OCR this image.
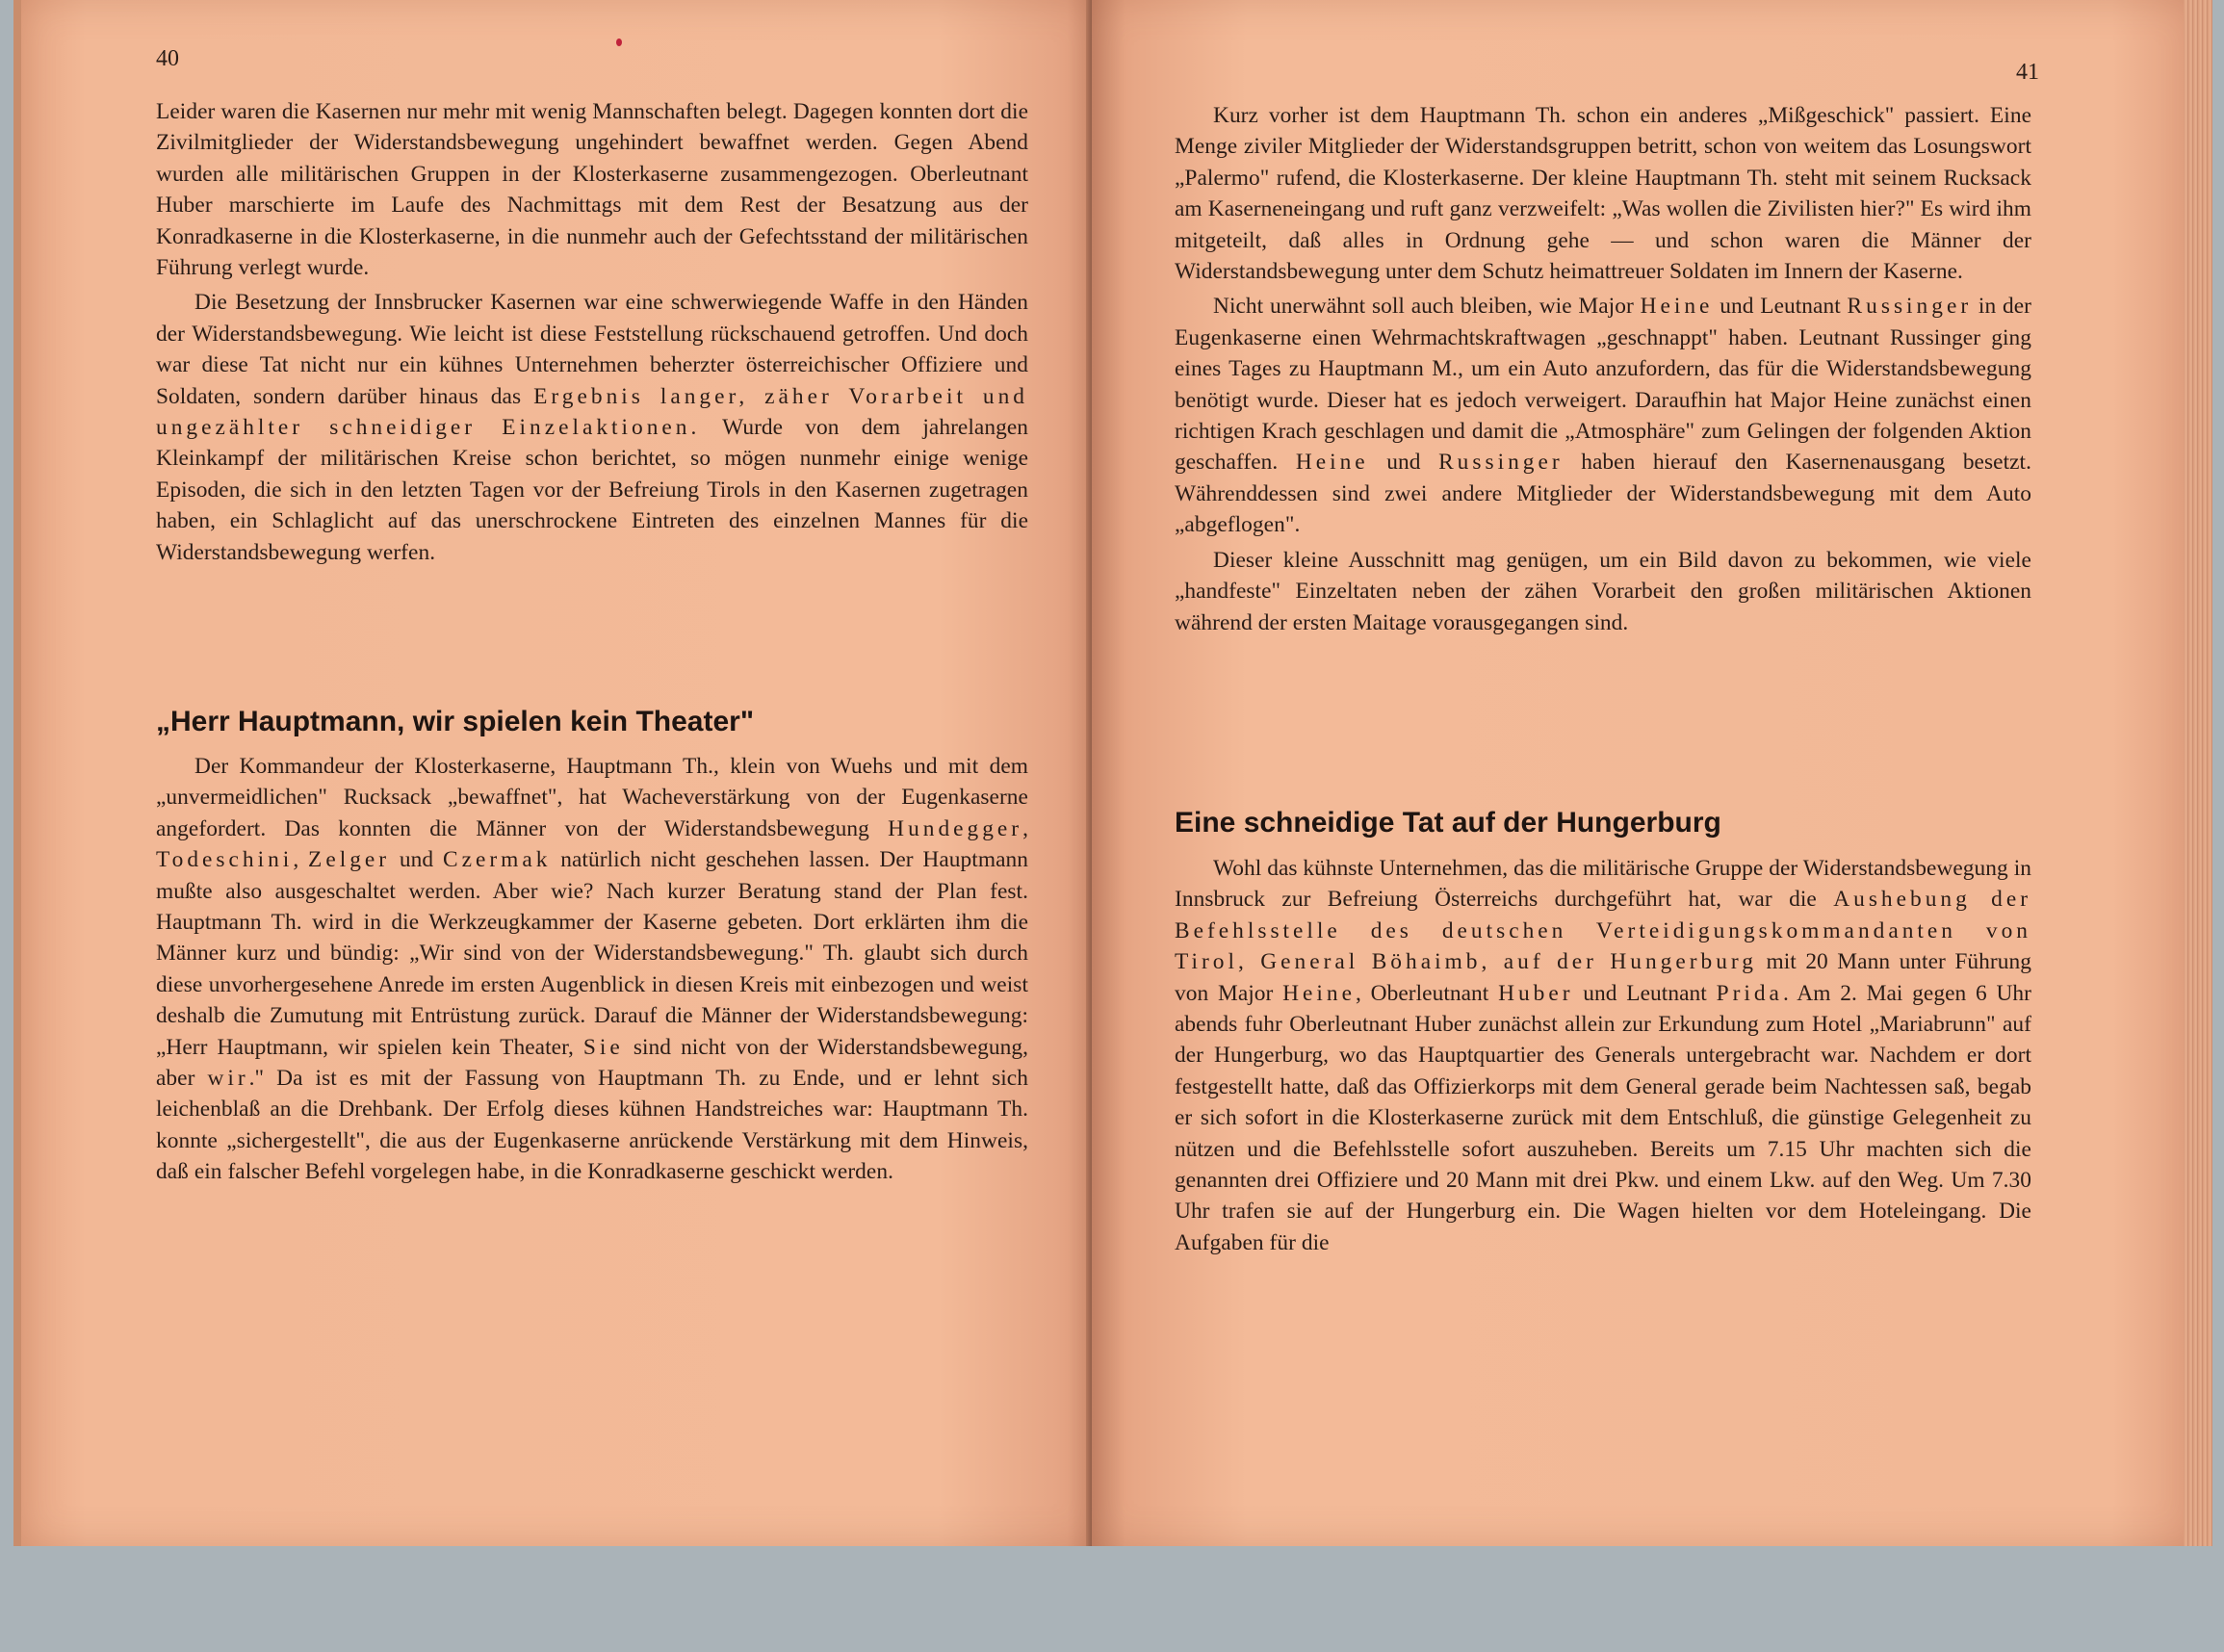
40

Leider waren die Kasernen nur mehr mit wenig Mannschaften belegt. Dagegen konnten dort die Zivilmitglieder der Widerstandsbewegung ungehindert bewaffnet werden. Gegen Abend wurden alle militärischen Gruppen in der Klosterkaserne zusammengezogen. Oberleutnant Huber marschierte im Laufe des Nachmittags mit dem Rest der Besatzung aus der Konradkaserne in die Klosterkaserne, in die nunmehr auch der Gefechtsstand der militärischen Führung verlegt wurde.

Die Besetzung der Innsbrucker Kasernen war eine schwerwiegende Waffe in den Händen der Widerstandsbewegung. Wie leicht ist diese Feststellung rückschauend getroffen. Und doch war diese Tat nicht nur ein kühnes Unternehmen beherzter österreichischer Offiziere und Soldaten, sondern darüber hinaus das Ergebnis langer, zäher Vorarbeit und ungezählter schneidiger Einzelaktionen. Wurde von dem jahrelangen Kleinkampf der militärischen Kreise schon berichtet, so mögen nunmehr einige wenige Episoden, die sich in den letzten Tagen vor der Befreiung Tirols in den Kasernen zugetragen haben, ein Schlaglicht auf das unerschrockene Eintreten des einzelnen Mannes für die Widerstandsbewegung werfen.

„Herr Hauptmann, wir spielen kein Theater"

Der Kommandeur der Klosterkaserne, Hauptmann Th., klein von Wuehs und mit dem „unvermeidlichen" Rucksack „bewaffnet", hat Wacheverstärkung von der Eugenkaserne angefordert. Das konnten die Männer von der Widerstandsbewegung Hundegger, Todeschini, Zelger und Czermak natürlich nicht geschehen lassen. Der Hauptmann mußte also ausgeschaltet werden. Aber wie? Nach kurzer Beratung stand der Plan fest. Hauptmann Th. wird in die Werkzeugkammer der Kaserne gebeten. Dort erklärten ihm die Männer kurz und bündig: „Wir sind von der Widerstandsbewegung." Th. glaubt sich durch diese unvorhergesehene Anrede im ersten Augenblick in diesen Kreis mit einbezogen und weist deshalb die Zumutung mit Entrüstung zurück. Darauf die Männer der Widerstandsbewegung: „Herr Hauptmann, wir spielen kein Theater, Sie sind nicht von der Widerstandsbewegung, aber wir." Da ist es mit der Fassung von Hauptmann Th. zu Ende, und er lehnt sich leichenblaß an die Drehbank. Der Erfolg dieses kühnen Handstreiches war: Hauptmann Th. konnte „sichergestellt", die aus der Eugenkaserne anrückende Verstärkung mit dem Hinweis, daß ein falscher Befehl vorgelegen habe, in die Konradkaserne geschickt werden.

41

Kurz vorher ist dem Hauptmann Th. schon ein anderes „Mißgeschick" passiert. Eine Menge ziviler Mitglieder der Widerstandsgruppen betritt, schon von weitem das Losungswort „Palermo" rufend, die Klosterkaserne. Der kleine Hauptmann Th. steht mit seinem Rucksack am Kaserneneingang und ruft ganz verzweifelt: „Was wollen die Zivilisten hier?" Es wird ihm mitgeteilt, daß alles in Ordnung gehe — und schon waren die Männer der Widerstandsbewegung unter dem Schutz heimattreuer Soldaten im Innern der Kaserne.

Nicht unerwähnt soll auch bleiben, wie Major Heine und Leutnant Russinger in der Eugenkaserne einen Wehrmachtskraftwagen „geschnappt" haben. Leutnant Russinger ging eines Tages zu Hauptmann M., um ein Auto anzufordern, das für die Widerstandsbewegung benötigt wurde. Dieser hat es jedoch verweigert. Daraufhin hat Major Heine zunächst einen richtigen Krach geschlagen und damit die „Atmosphäre" zum Gelingen der folgenden Aktion geschaffen. Heine und Russinger haben hierauf den Kasernenausgang besetzt. Währenddessen sind zwei andere Mitglieder der Widerstandsbewegung mit dem Auto „abgeflogen".

Dieser kleine Ausschnitt mag genügen, um ein Bild davon zu bekommen, wie viele „handfeste" Einzeltaten neben der zähen Vorarbeit den großen militärischen Aktionen während der ersten Maitage vorausgegangen sind.

Eine schneidige Tat auf der Hungerburg

Wohl das kühnste Unternehmen, das die militärische Gruppe der Widerstandsbewegung in Innsbruck zur Befreiung Österreichs durchgeführt hat, war die Aushebung der Befehlsstelle des deutschen Verteidigungskommandanten von Tirol, General Böhaimb, auf der Hungerburg mit 20 Mann unter Führung von Major Heine, Oberleutnant Huber und Leutnant Prida. Am 2. Mai gegen 6 Uhr abends fuhr Oberleutnant Huber zunächst allein zur Erkundung zum Hotel „Mariabrunn" auf der Hungerburg, wo das Hauptquartier des Generals untergebracht war. Nachdem er dort festgestellt hatte, daß das Offizierkorps mit dem General gerade beim Nachtessen saß, begab er sich sofort in die Klosterkaserne zurück mit dem Entschluß, die günstige Gelegenheit zu nützen und die Befehlsstelle sofort auszuheben. Bereits um 7.15 Uhr machten sich die genannten drei Offiziere und 20 Mann mit drei Pkw. und einem Lkw. auf den Weg. Um 7.30 Uhr trafen sie auf der Hungerburg ein. Die Wagen hielten vor dem Hoteleingang. Die Aufgaben für die
